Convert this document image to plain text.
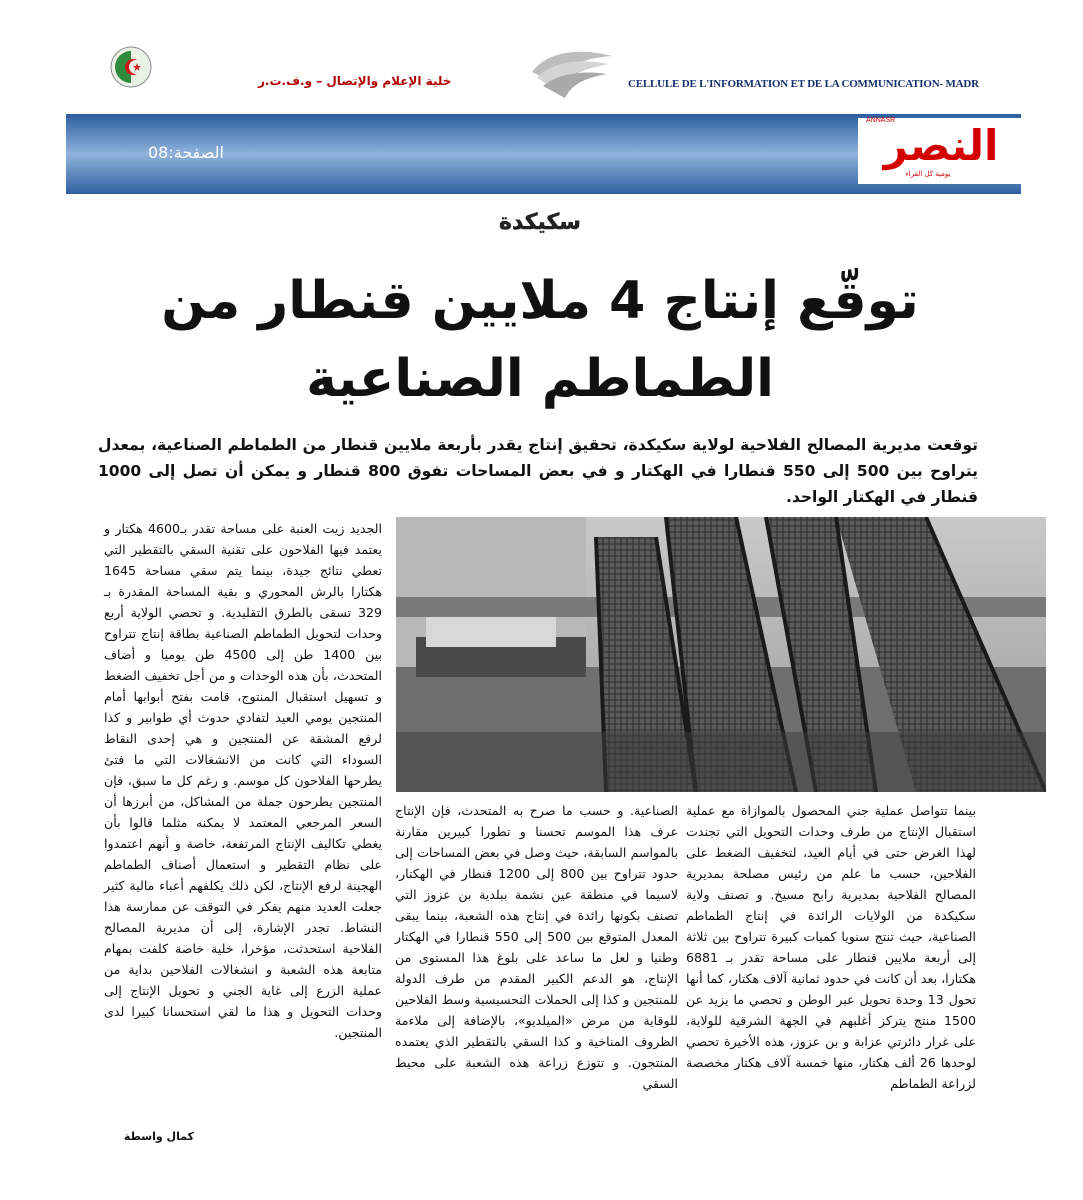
خلية الإعلام والإتصال – و.ف.ت.ر	CELLULE DE L'INFORMATION ET DE LA COMMUNICATION- MADR
الصفحة:08
ANNASR
النصر
يومية كل القراء
سكيكدة
توقّع إنتاج 4 ملايين قنطار من الطماطم الصناعية
توقعت مديرية المصالح الفلاحية لولاية سكيكدة، تحقيق إنتاج يقدر بأربعة ملايين قنطار من الطماطم الصناعية، بمعدل يتراوح بين 500 إلى 550 قنطارا في الهكتار و في بعض المساحات تفوق 800 قنطار و يمكن أن تصل إلى 1000 قنطار في الهكتار الواحد.

بينما تتواصل عملية جني المحصول بالموازاة مع عملية استقبال الإنتاج من طرف وحدات التحويل التي تجندت لهذا الغرض حتى في أيام العيد، لتخفيف الضغط على الفلاحين، حسب ما علم من رئيس مصلحة بمديرية المصالح الفلاحية بمديرية رابح مسيخ. و تصنف ولاية سكيكدة من الولايات الرائدة في إنتاج الطماطم الصناعية، حيث تنتج سنويا كميات كبيرة تتراوح بين ثلاثة إلى أربعة ملايين قنطار على مساحة تقدر بـ 6881 هكتارا، بعد أن كانت في حدود ثمانية آلاف هكتار، كما أنها تحول 13 وحدة تحويل عبر الوطن و تحصي ما يزيد عن 1500 منتج يتركز أغلبهم في الجهة الشرقية للولاية، على غرار دائرتي عزابة و بن عزوز، هذه الأخيرة تحصي لوحدها 26 ألف هكتار، منها خمسة آلاف هكتار مخصصة لزراعة الطماطم

الصناعية. و حسب ما صرح به المتحدث، فإن الإنتاج عرف هذا الموسم تحسنا و تطورا كبيرين مقارنة بالمواسم السابقة، حيث وصل في بعض المساحات إلى حدود تتراوح بين 800 إلى 1200 قنطار في الهكتار، لاسيما في منطقة عين نشمة ببلدية بن عزوز التي تصنف بكونها رائدة في إنتاج هذه الشعبة، بينما يبقى المعدل المتوقع بين 500 إلى 550 قنطارا في الهكتار وطنيا و لعل ما ساعد على بلوغ هذا المستوى من الإنتاج، هو الدعم الكبير المقدم من طرف الدولة للمنتجين و كذا إلى الحملات التحسيسية وسط الفلاحين للوقاية من مرض «الميلديو»، بالإضافة إلى ملاءمة الظروف المناخية و كذا السقي بالتقطير الذي يعتمده المنتجون. و تتوزع زراعة هذه الشعبة على محيط السقي

الجديد زيت العنبة على مساحة تقدر بـ4600 هكتار و يعتمد فيها الفلاحون على تقنية السقي بالتقطير التي تعطي نتائج جيدة، بينما يتم سقي مساحة 1645 هكتارا بالرش المحوري و بقية المساحة المقدرة بـ 329 تسقى بالطرق التقليدية. و تحصي الولاية أربع وحدات لتحويل الطماطم الصناعية بطاقة إنتاج تتراوح بين 1400 طن إلى 4500 طن يوميا و أضاف المتحدث، بأن هذه الوحدات و من أجل تخفيف الضغط و تسهيل استقبال المنتوج، قامت بفتح أبوابها أمام المنتجين يومي العيد لتفادي حدوث أي طوابير و كذا لرفع المشقة عن المنتجين و هي إحدى النقاط السوداء التي كانت من الانشغالات التي ما فتئ يطرحها الفلاحون كل موسم. و رغم كل ما سبق، فإن المنتجين يطرحون جملة من المشاكل، من أبرزها أن السعر المرجعي المعتمد لا يمكنه مثلما قالوا بأن يغطي تكاليف الإنتاج المرتفعة، خاصة و أنهم اعتمدوا على نظام التقطير و استعمال أصناف الطماطم الهجينة لرفع الإنتاج، لكن ذلك يكلفهم أعباء مالية كثير جعلت العديد منهم يفكر في التوقف عن ممارسة هذا النشاط. تجدر الإشارة، إلى أن مديرية المصالح الفلاحية استحدثت، مؤخرا، خلية خاصة كلفت بمهام متابعة هذه الشعبة و انشغالات الفلاحين بداية من عملية الزرع إلى غاية الجني و تحويل الإنتاج إلى وحدات التحويل و هذا ما لقي استحسانا كبيرا لدى المنتجين.

كمال واسطة
